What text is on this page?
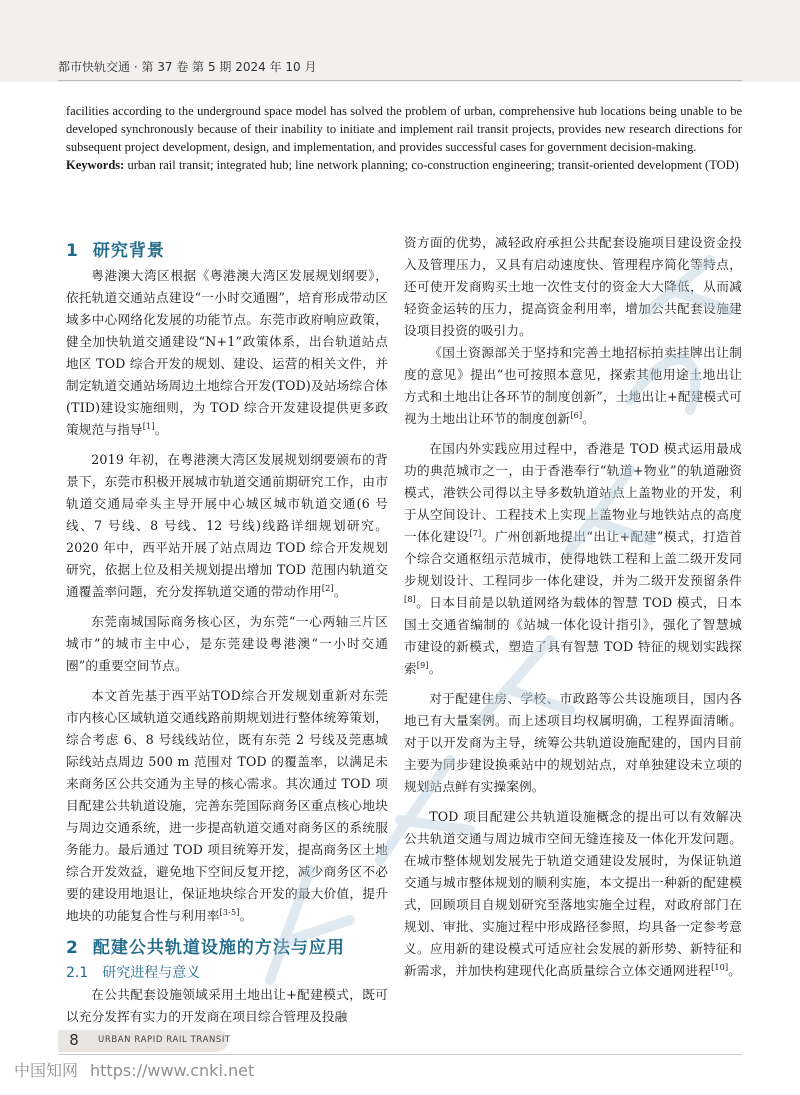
都市快轨交通 · 第 37 卷 第 5 期 2024 年 10 月

facilities according to the underground space model has solved the problem of urban, comprehensive hub locations being unable to be developed synchronously because of their inability to initiate and implement rail transit projects, provides new research directions for subsequent project development, design, and implementation, and provides successful cases for government decision-making.

Keywords: urban rail transit; integrated hub; line network planning; co-construction engineering; transit-oriented development (TOD)

1 研究背景

粤港澳大湾区根据《粤港澳大湾区发展规划纲要》，依托轨道交通站点建设“一小时交通圈”，培育形成带动区域多中心网络化发展的功能节点。东莞市政府响应政策，健全加快轨道交通建设“N+1”政策体系，出台轨道站点地区 TOD 综合开发的规划、建设、运营的相关文件，并制定轨道交通站场周边土地综合开发(TOD)及站场综合体(TID)建设实施细则，为 TOD 综合开发建设提供更多政策规范与指导[1]。

2019 年初，在粤港澳大湾区发展规划纲要颁布的背景下，东莞市积极开展城市轨道交通前期研究工作，由市轨道交通局牵头主导开展中心城区城市轨道交通(6 号线、7 号线、8 号线、12 号线)线路详细规划研究。2020 年中，西平站开展了站点周边 TOD 综合开发规划研究，依据上位及相关规划提出增加 TOD 范围内轨道交通覆盖率问题，充分发挥轨道交通的带动作用[2]。

东莞南城国际商务核心区，为东莞“一心两轴三片区城市”的城市主中心，是东莞建设粤港澳“一小时交通圈”的重要空间节点。

本文首先基于西平站TOD综合开发规划重新对东莞市内核心区域轨道交通线路前期规划进行整体统筹策划，综合考虑 6、8 号线线站位，既有东莞 2 号线及莞惠城际线站点周边 500 m 范围对 TOD 的覆盖率，以满足未来商务区公共交通为主导的核心需求。其次通过 TOD 项目配建公共轨道设施，完善东莞国际商务区重点核心地块与周边交通系统，进一步提高轨道交通对商务区的系统服务能力。最后通过 TOD 项目统筹开发，提高商务区土地综合开发效益，避免地下空间反复开挖，减少商务区不必要的建设用地退让，保证地块综合开发的最大价值，提升地块的功能复合性与利用率[3-5]。

2 配建公共轨道设施的方法与应用
2.1 研究进程与意义

在公共配套设施领域采用土地出让+配建模式，既可以充分发挥有实力的开发商在项目综合管理及投融

资方面的优势，减轻政府承担公共配套设施项目建设资金投入及管理压力，又具有启动速度快、管理程序简化等特点，还可使开发商购买土地一次性支付的资金大大降低，从而减轻资金运转的压力，提高资金利用率，增加公共配套设施建设项目投资的吸引力。

《国土资源部关于坚持和完善土地招标拍卖挂牌出让制度的意见》提出“也可按照本意见，探索其他用途土地出让方式和土地出让各环节的制度创新”，土地出让+配建模式可视为土地出让环节的制度创新[6]。

在国内外实践应用过程中，香港是 TOD 模式运用最成功的典范城市之一，由于香港奉行“轨道+物业”的轨道融资模式，港铁公司得以主导多数轨道站点上盖物业的开发，利于从空间设计、工程技术上实现上盖物业与地铁站点的高度一体化建设[7]。广州创新地提出“出让+配建”模式，打造首个综合交通枢纽示范城市，使得地铁工程和上盖二级开发同步规划设计、工程同步一体化建设，并为二级开发预留条件[8]。日本目前是以轨道网络为载体的智慧 TOD 模式，日本国土交通省编制的《站城一体化设计指引》，强化了智慧城市建设的新模式，塑造了具有智慧 TOD 特征的规划实践探索[9]。

对于配建住房、学校、市政路等公共设施项目，国内各地已有大量案例。而上述项目均权属明确，工程界面清晰。对于以开发商为主导，统筹公共轨道设施配建的，国内目前主要为同步建设换乘站中的规划站点，对单独建设未立项的规划站点鲜有实操案例。

TOD 项目配建公共轨道设施概念的提出可以有效解决公共轨道交通与周边城市空间无缝连接及一体化开发问题。在城市整体规划发展先于轨道交通建设发展时，为保证轨道交通与城市整体规划的顺利实施，本文提出一种新的配建模式，回顾项目自规划研究至落地实施全过程，对政府部门在规划、审批、实施过程中形成路径参照，均具备一定参考意义。应用新的建设模式可适应社会发展的新形势、新特征和新需求，并加快构建现代化高质量综合立体交通网进程[10]。

8	URBAN RAPID RAIL TRANSIT
中国知网 https://www.cnki.net
